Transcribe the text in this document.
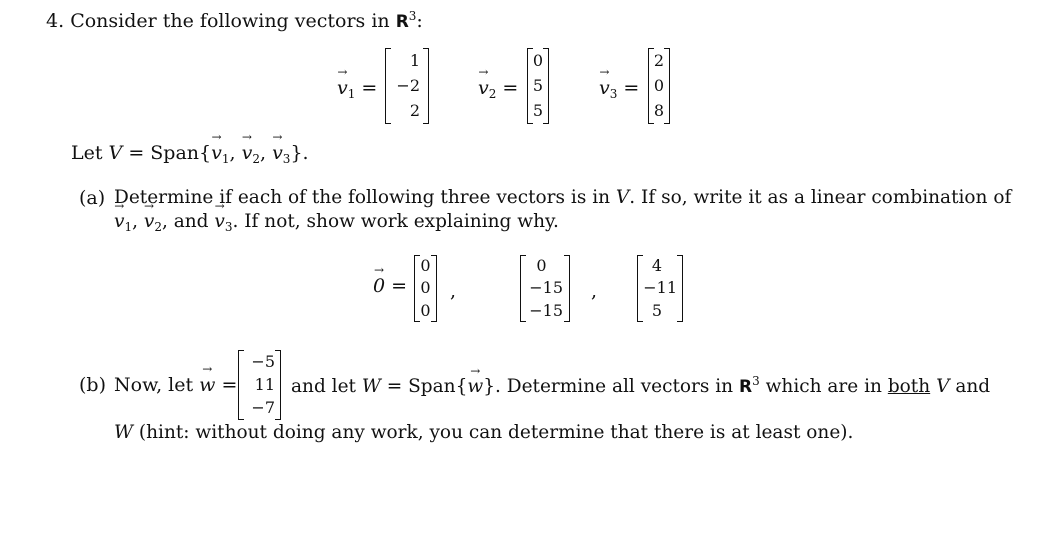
4. Consider the following vectors in $R^3$:
→ $v_1$ =
1
−2
2
→ $v_2$ =
0
5
5
→ $v_3$ =
2
0
8
Let V = Span{→ $v_1$, → $v_2$, → $v_3$}.
(a) Determine if each of the following three vectors is in V. If so, write it as a linear combination of
→ $v_1$, → $v_2$, and → $v_3$. If not, show work explaining why.
→ 0 =
0
0
0
,
0
−15
−15
,
4
−11
5
(b) Now, let → w =
−5
11
−7
and let W = Span{→ w}. Determine all vectors in $R^3$ which are in both V and
W (hint: without doing any work, you can determine that there is at least one).
